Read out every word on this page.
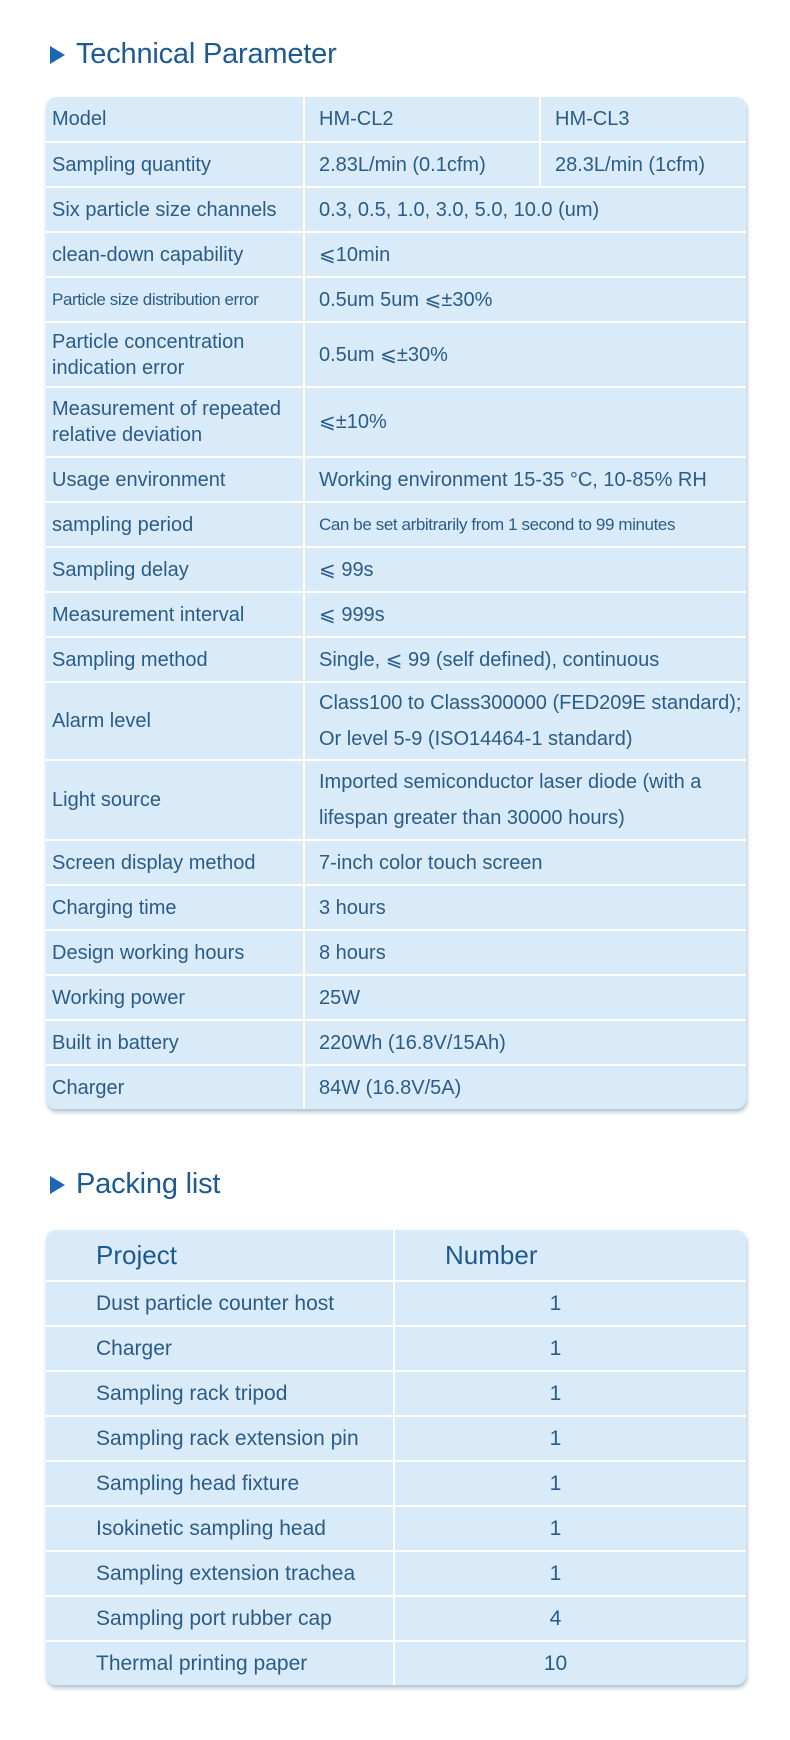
Technical Parameter
Model	HM-CL2	HM-CL3
Sampling quantity	2.83L/min (0.1cfm)	28.3L/min (1cfm)
Six particle size channels	0.3, 0.5, 1.0, 3.0, 5.0, 10.0 (um)	
clean-down capability	⩽10min	
Particle size distribution error	0.5um 5um ⩽±30%	
Particle concentration indication error	0.5um ⩽±30%	
Measurement of repeated relative deviation	⩽±10%	
Usage environment	Working environment 15-35 °C, 10-85% RH	
sampling period	Can be set arbitrarily from 1 second to 99 minutes	
Sampling delay	⩽ 99s	
Measurement interval	⩽ 999s	
Sampling method	Single, ⩽ 99 (self defined), continuous	
Alarm level	Class100 to Class300000 (FED209E standard); Or level 5-9 (ISO14464-1 standard)	
Light source	Imported semiconductor laser diode (with a lifespan greater than 30000 hours)	
Screen display method	7-inch color touch screen	
Charging time	3 hours	
Design working hours	8 hours	
Working power	25W	
Built in battery	220Wh (16.8V/15Ah)	
Charger	84W (16.8V/5A)	
Packing list
Project	Number
Dust particle counter host	1
Charger	1
Sampling rack tripod	1
Sampling rack extension pin	1
Sampling head fixture	1
Isokinetic sampling head	1
Sampling extension trachea	1
Sampling port rubber cap	4
Thermal printing paper	10
